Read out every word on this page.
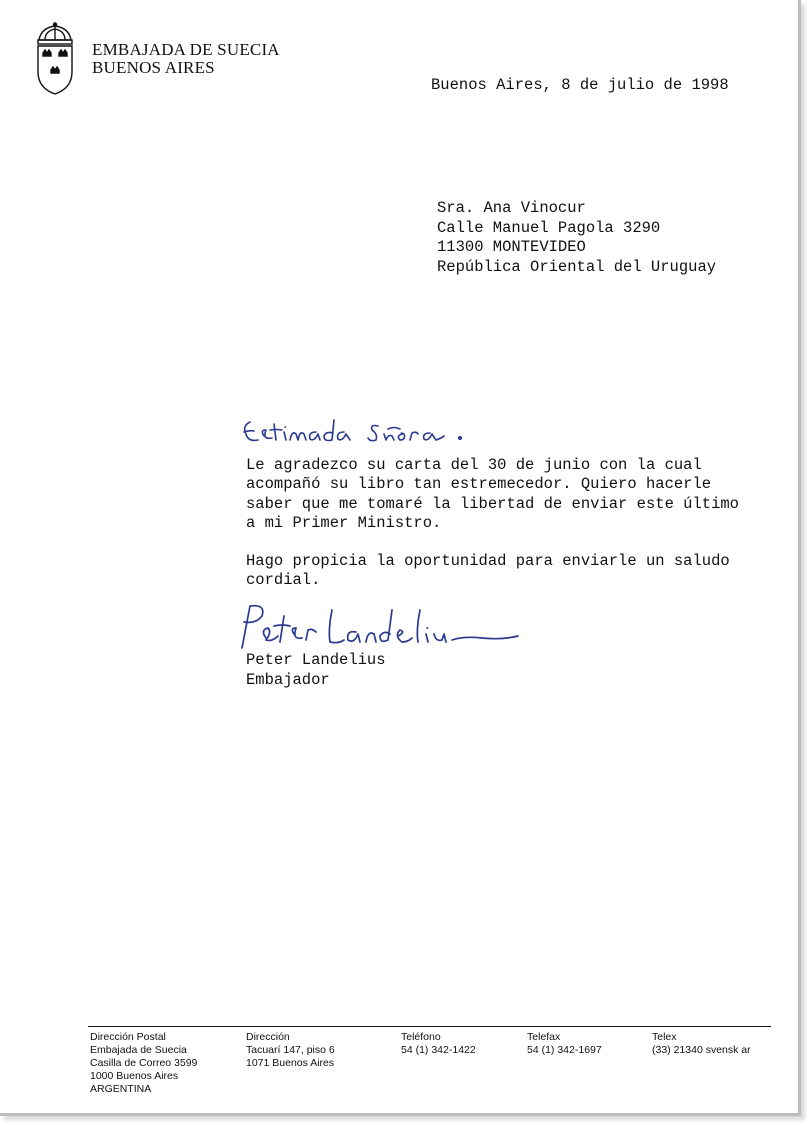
EMBAJADA DE SUECIA
BUENOS AIRES
Buenos Aires, 8 de julio de 1998
Sra. Ana Vinocur
Calle Manuel Pagola 3290
11300 MONTEVIDEO
República Oriental del Uruguay

Le agradezco su carta del 30 de junio con la cual
acompañó su libro tan estremecedor. Quiero hacerle
saber que me tomaré la libertad de enviar este último
a mi Primer Ministro.

Hago propicia la oportunidad para enviarle un saludo
cordial.

Peter Landelius
Embajador
Dirección Postal
Embajada de Suecia
Casilla de Correo 3599
1000 Buenos Aires
ARGENTINA
Dirección
Tacuarí 147, piso 6
1071 Buenos Aires
Teléfono
54 (1) 342-1422
Telefax
54 (1) 342-1697
Telex
(33) 21340 svensk ar
